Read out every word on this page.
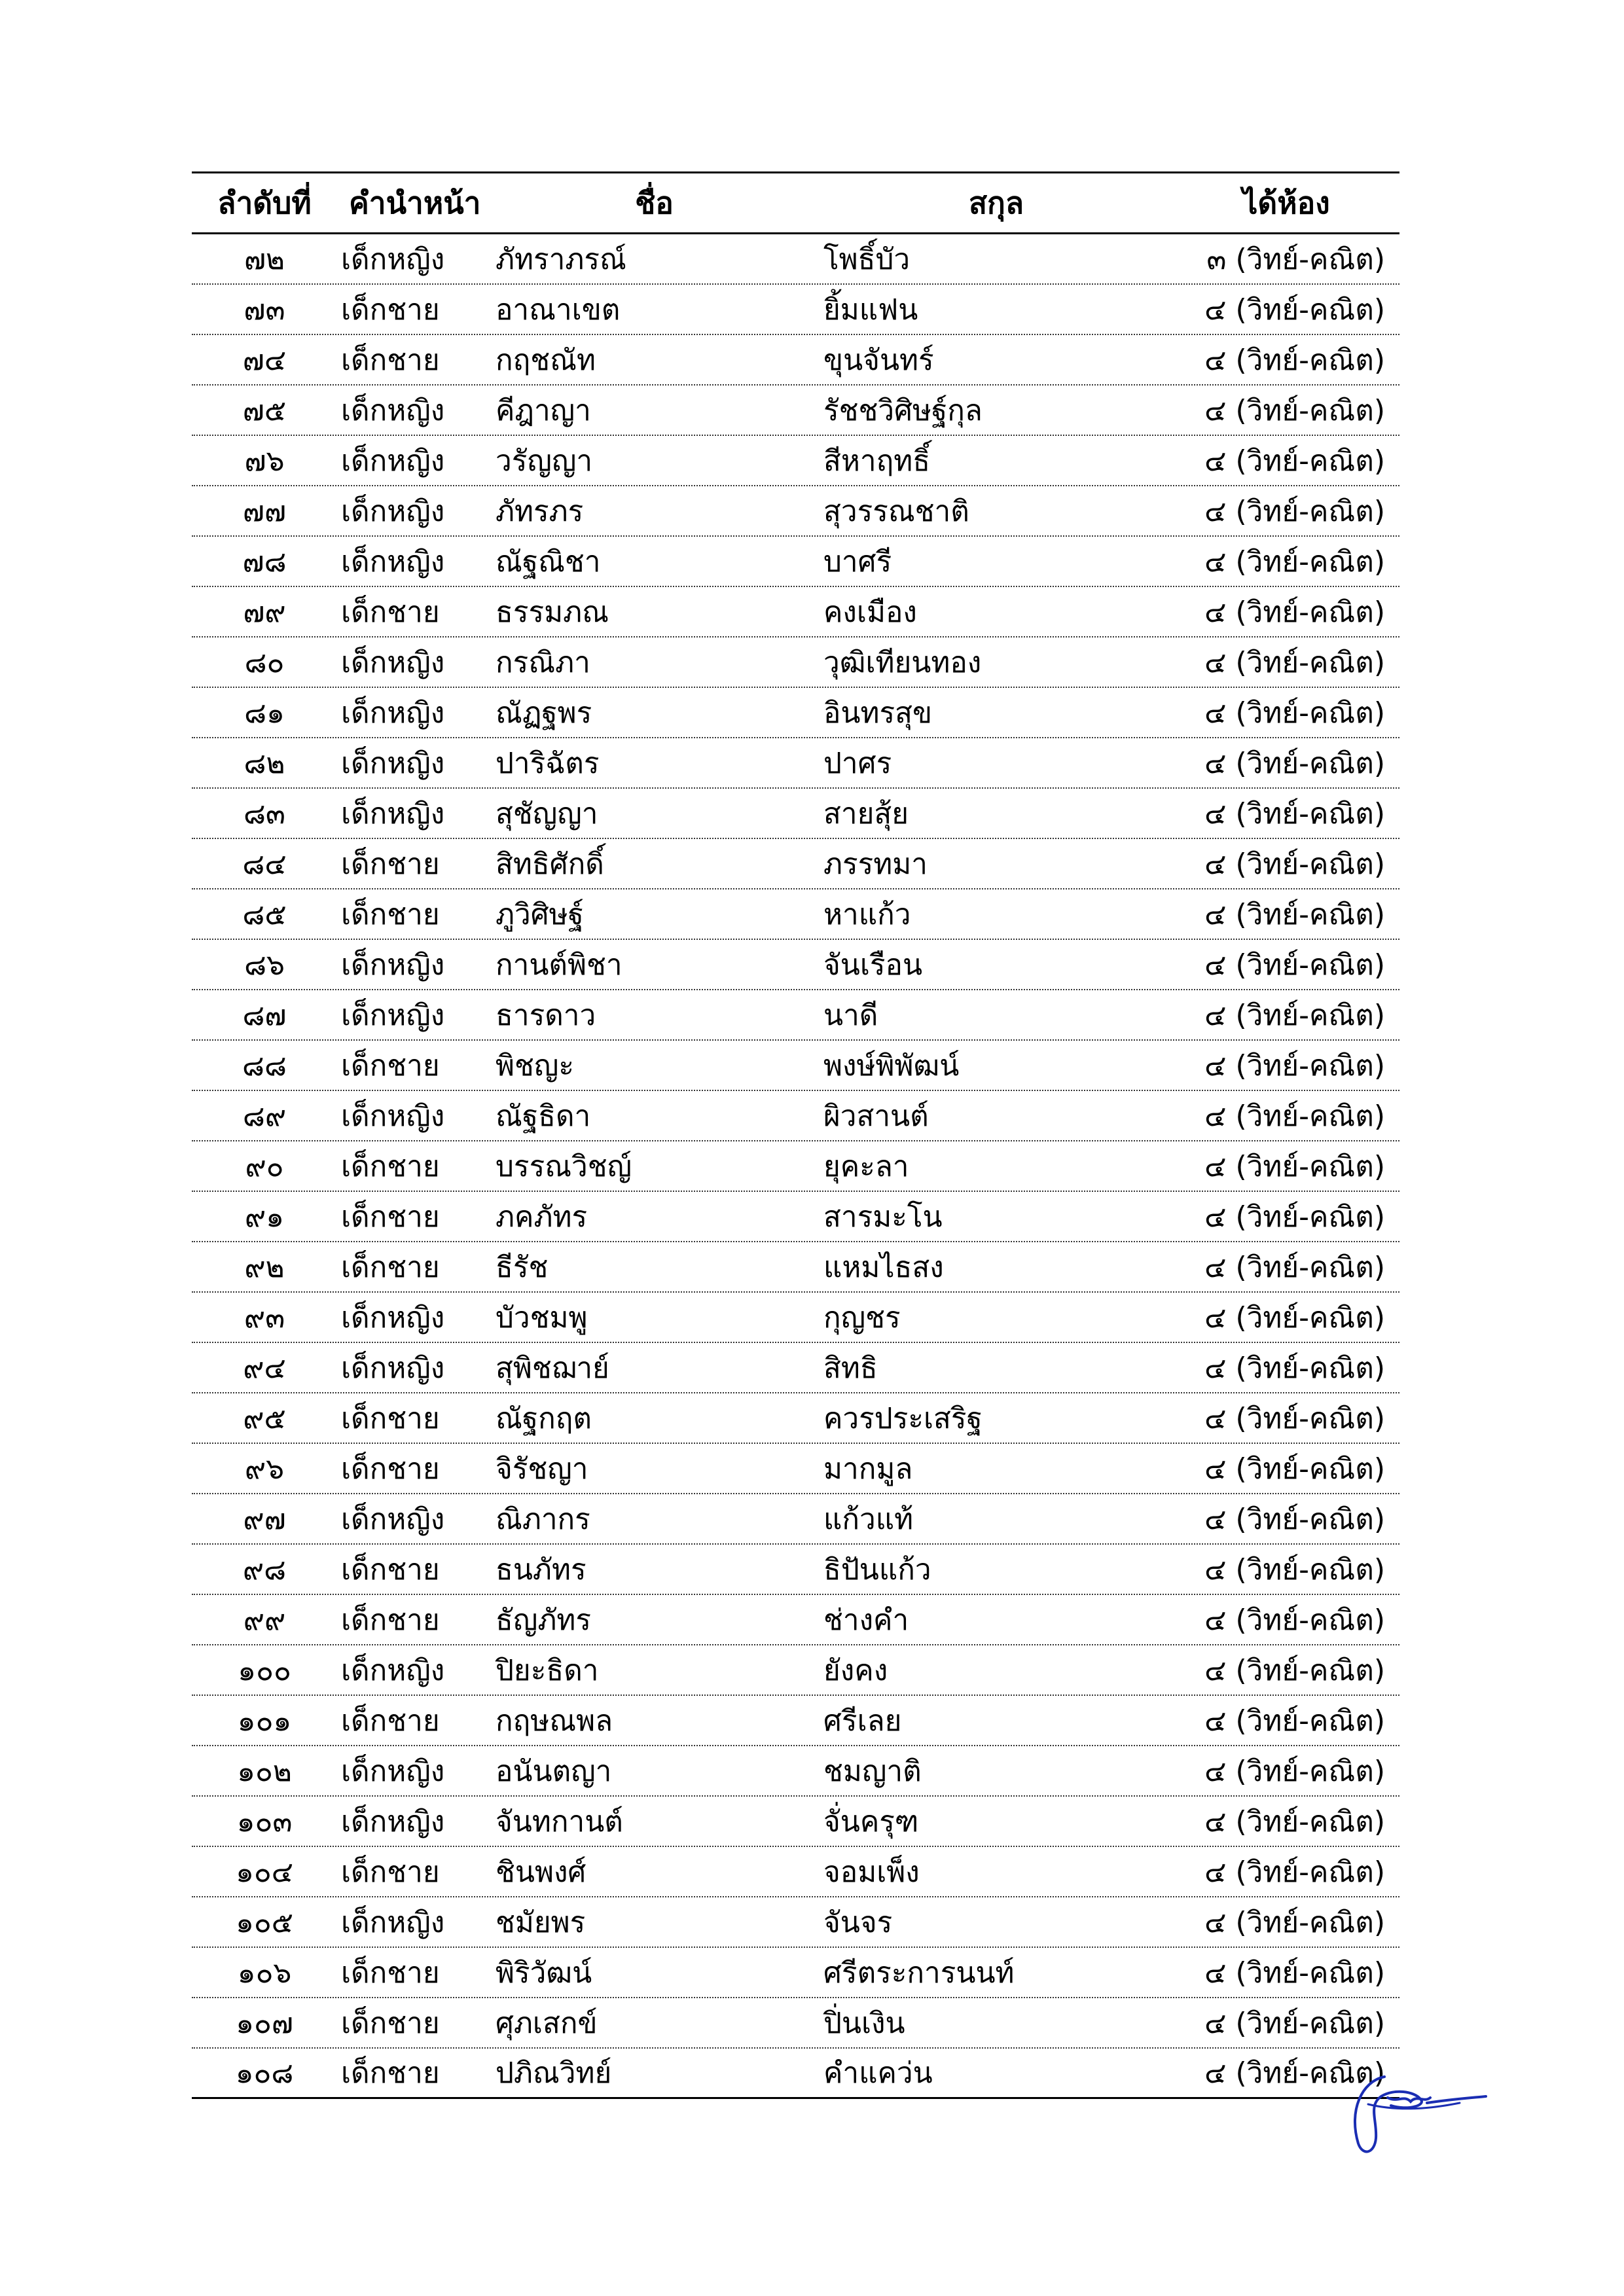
ลำดับที่	คำนำหน้า	ชื่อ	สกุล	ได้ห้อง
๗๒	เด็กหญิง	ภัทราภรณ์	โพธิ์บัว	๓ (วิทย์-คณิต)
๗๓	เด็กชาย	อาณาเขต	ยิ้มแฟน	๔ (วิทย์-คณิต)
๗๔	เด็กชาย	กฤชณัท	ขุนจันทร์	๔ (วิทย์-คณิต)
๗๕	เด็กหญิง	คีฎาญา	รัชชวิศิษฐ์กุล	๔ (วิทย์-คณิต)
๗๖	เด็กหญิง	วรัญญา	สีหาฤทธิ์	๔ (วิทย์-คณิต)
๗๗	เด็กหญิง	ภัทรภร	สุวรรณชาติ	๔ (วิทย์-คณิต)
๗๘	เด็กหญิง	ณัฐณิชา	บาศรี	๔ (วิทย์-คณิต)
๗๙	เด็กชาย	ธรรมภณ	คงเมือง	๔ (วิทย์-คณิต)
๘๐	เด็กหญิง	กรณิภา	วุฒิเทียนทอง	๔ (วิทย์-คณิต)
๘๑	เด็กหญิง	ณัฏฐพร	อินทรสุข	๔ (วิทย์-คณิต)
๘๒	เด็กหญิง	ปาริฉัตร	ปาศร	๔ (วิทย์-คณิต)
๘๓	เด็กหญิง	สุชัญญา	สายสุ้ย	๔ (วิทย์-คณิต)
๘๔	เด็กชาย	สิทธิศักดิ์	ภรรทมา	๔ (วิทย์-คณิต)
๘๕	เด็กชาย	ภูวิศิษฐ์	หาแก้ว	๔ (วิทย์-คณิต)
๘๖	เด็กหญิง	กานต์พิชา	จันเรือน	๔ (วิทย์-คณิต)
๘๗	เด็กหญิง	ธารดาว	นาดี	๔ (วิทย์-คณิต)
๘๘	เด็กชาย	พิชญะ	พงษ์พิพัฒน์	๔ (วิทย์-คณิต)
๘๙	เด็กหญิง	ณัฐธิดา	ผิวสานต์	๔ (วิทย์-คณิต)
๙๐	เด็กชาย	บรรณวิชญ์	ยุคะลา	๔ (วิทย์-คณิต)
๙๑	เด็กชาย	ภคภัทร	สารมะโน	๔ (วิทย์-คณิต)
๙๒	เด็กชาย	ธีรัช	แหมไธสง	๔ (วิทย์-คณิต)
๙๓	เด็กหญิง	บัวชมพู	กุญชร	๔ (วิทย์-คณิต)
๙๔	เด็กหญิง	สุพิชฌาย์	สิทธิ	๔ (วิทย์-คณิต)
๙๕	เด็กชาย	ณัฐกฤต	ควรประเสริฐ	๔ (วิทย์-คณิต)
๙๖	เด็กชาย	จิรัชญา	มากมูล	๔ (วิทย์-คณิต)
๙๗	เด็กหญิง	ณิภากร	แก้วแท้	๔ (วิทย์-คณิต)
๙๘	เด็กชาย	ธนภัทร	ธิปันแก้ว	๔ (วิทย์-คณิต)
๙๙	เด็กชาย	ธัญภัทร	ช่างคำ	๔ (วิทย์-คณิต)
๑๐๐	เด็กหญิง	ปิยะธิดา	ยังคง	๔ (วิทย์-คณิต)
๑๐๑	เด็กชาย	กฤษณพล	ศรีเลย	๔ (วิทย์-คณิต)
๑๐๒	เด็กหญิง	อนันตญา	ชมญาติ	๔ (วิทย์-คณิต)
๑๐๓	เด็กหญิง	จันทกานต์	จั่นครุฑ	๔ (วิทย์-คณิต)
๑๐๔	เด็กชาย	ชินพงศ์	จอมเพ็ง	๔ (วิทย์-คณิต)
๑๐๕	เด็กหญิง	ชมัยพร	จันจร	๔ (วิทย์-คณิต)
๑๐๖	เด็กชาย	พิริวัฒน์	ศรีตระการนนท์	๔ (วิทย์-คณิต)
๑๐๗	เด็กชาย	ศุภเสกข์	ปิ่นเงิน	๔ (วิทย์-คณิต)
๑๐๘	เด็กชาย	ปภิณวิทย์	คำแคว่น	๔ (วิทย์-คณิต)
